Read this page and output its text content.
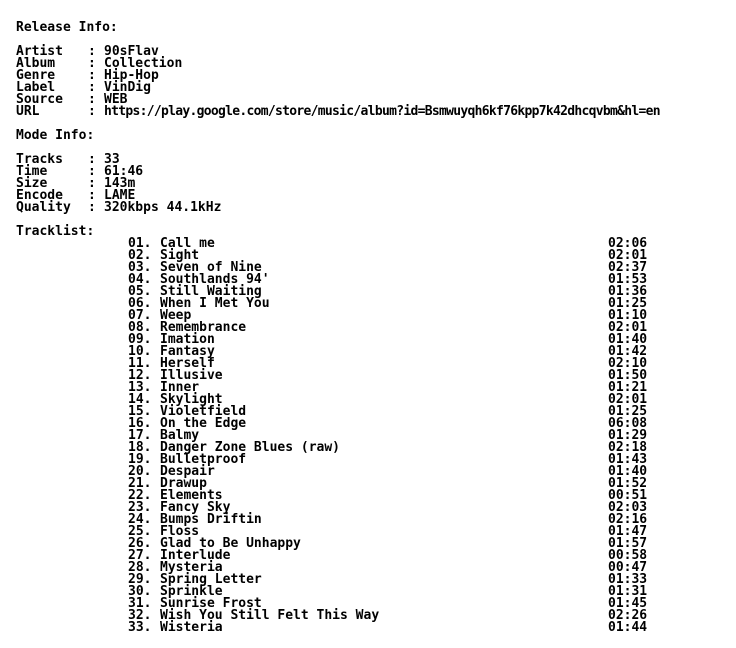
Release Info:
Artist : 90sFlav
Album	: Collection
Genre	: Hip-Hop
Label	: VinDig
Source : WEB
URL	: https://play.google.com/store/music/album?id=Bsmwuyqh6kf76kpp7k42dhcqvbm&hl=en
Mode Info:
Tracks : 33
Time	: 61:46
Size	: 143m
Encode : LAME
Quality : 320kbps 44.1kHz
Tracklist:
01. Call me	02:06
02. Sight	02:01
03. Seven of Nine	02:37
04. Southlands 94'	01:53
05. Still Waiting	01:36
06. When I Met You	01:25
07. Weep	01:10
08. Remembrance	02:01
09. Imation	01:40
10. Fantasy	01:42
11. Herself	02:10
12. Illusive	01:50
13. Inner	01:21
14. Skylight	02:01
15. Violetfield	01:25
16. On the Edge	06:08
17. Balmy	01:29
18. Danger Zone Blues (raw)	02:18
19. Bulletproof	01:43
20. Despair	01:40
21. Drawup	01:52
22. Elements	00:51
23. Fancy Sky	02:03
24. Bumps Driftin	02:16
25. Floss	01:47
26. Glad to Be Unhappy	01:57
27. Interlude	00:58
28. Mysteria	00:47
29. Spring Letter	01:33
30. Sprinkle	01:31
31. Sunrise Frost	01:45
32. Wish You Still Felt This Way	02:26
33. Wisteria	01:44
